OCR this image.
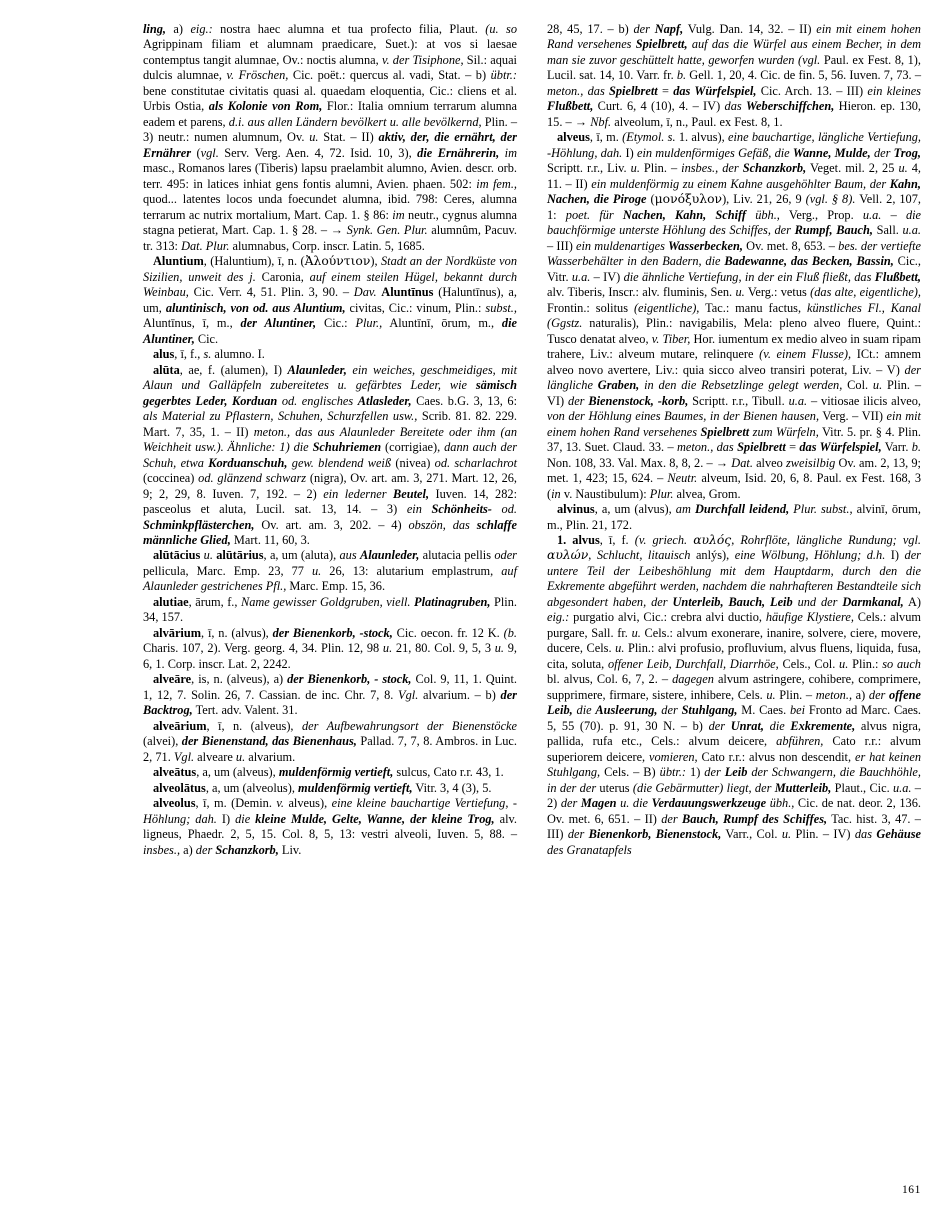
ling, a) eig.: nostra haec alumna et tua profecto filia, Plaut. (u. so Agrippinam filiam et alumnam praedicare, Suet.): at vos si laesae contemptus tangit alumnae, Ov.: noctis alumna, v. der Tisiphone, Sil.: aquai dulcis alumnae, v. Fröschen, Cic. poët.: quercus al. vadi, Stat. – b) übtr.: bene constitutae civitatis quasi al. quaedam eloquentia, Cic.: cliens et al. Urbis Ostia, als Kolonie von Rom, Flor.: Italia omnium terrarum alumna eadem et parens, d.i. aus allen Ländern bevölkert u. alle bevölkernd, Plin. – 3) neutr.: numen alumnum, Ov. u. Stat. – II) aktiv, der, die ernährt, der Ernährer (vgl. Serv. Verg. Aen. 4, 72. Isid. 10, 3), die Ernährerin, im masc., Romanos lares (Tiberis) lapsu praelambit alumno, Avien. descr. orb. terr. 495: in latices inhiat gens fontis alumni, Avien. phaen. 502: im fem., quod... latentes locos unda foecundet alumna, ibid. 798: Ceres, alumna terrarum ac nutrix mortalium, Mart. Cap. 1. § 86: im neutr., cygnus alumna stagna petierat, Mart. Cap. 1. § 28. – → Synk. Gen. Plur. alumnûm, Pacuv. tr. 313: Dat. Plur. alumnabus, Corp. inscr. Latin. 5, 1685.

Aluntium, (Haluntium), ī, n. (Ἀλούντιον), Stadt an der Nordküste von Sizilien, unweit des j. Caronia, auf einem steilen Hügel, bekannt durch Weinbau, Cic. Verr. 4, 51. Plin. 3, 90. – Dav. Aluntīnus (Haluntīnus), a, um, aluntinisch, von od. aus Aluntium, civitas, Cic.: vinum, Plin.: subst., Aluntīnus, ī, m., der Aluntiner, Cic.: Plur., Aluntīnī, ōrum, m., die Aluntiner, Cic.

alus, ī, f., s. alumno. I.

alūta, ae, f. (alumen), I) Alaunleder, ein weiches, geschmeidiges, mit Alaun und Galläpfeln zubereitetes u. gefärbtes Leder, wie sämisch gegerbtes Leder, Korduan od. englisches Atlasleder, Caes. b.G. 3, 13, 6: als Material zu Pflastern, Schuhen, Schurzfellen usw., Scrib. 81. 82. 229. Mart. 7, 35, 1. – II) meton., das aus Alaunleder Bereitete oder ihm (an Weichheit usw.). Ähnliche: 1) die Schuhriemen (corrigiae), dann auch der Schuh, etwa Korduanschuh, gew. blendend weiß (nivea) od. scharlachrot (coccinea) od. glänzend schwarz (nigra), Ov. art. am. 3, 271. Mart. 12, 26, 9; 2, 29, 8. Iuven. 7, 192. – 2) ein lederner Beutel, Iuven. 14, 282: pasceolus et aluta, Lucil. sat. 13, 14. – 3) ein Schönheits- od. Schminkpflästerchen, Ov. art. am. 3, 202. – 4) obszön, das schlaffe männliche Glied, Mart. 11, 60, 3.

alūtācius u. alūtārius, a, um (aluta), aus Alaunleder, alutacia pellis oder pellicula, Marc. Emp. 23, 77 u. 26, 13: alutarium emplastrum, auf Alaunleder gestrichenes Pfl., Marc. Emp. 15, 36.

alutiae, ārum, f., Name gewisser Goldgruben, viell. Platinagruben, Plin. 34, 157.

alvārium, ī, n. (alvus), der Bienenkorb, -stock, Cic. oecon. fr. 12 K. (b. Charis. 107, 2). Verg. georg. 4, 34. Plin. 12, 98 u. 21, 80. Col. 9, 5, 3 u. 9, 6, 1. Corp. inscr. Lat. 2, 2242.

alveāre, is, n. (alveus), a) der Bienenkorb, - stock, Col. 9, 11, 1. Quint. 1, 12, 7. Solin. 26, 7. Cassian. de inc. Chr. 7, 8. Vgl. alvarium. – b) der Backtrog, Tert. adv. Valent. 31.

alveārium, ī, n. (alveus), der Aufbewahrungsort der Bienenstöcke (alvei), der Bienenstand, das Bienenhaus, Pallad. 7, 7, 8. Ambros. in Luc. 2, 71. Vgl. alveare u. alvarium.

alveātus, a, um (alveus), muldenförmig vertieft, sulcus, Cato r.r. 43, 1.

alveolātus, a, um (alveolus), muldenförmig vertieft, Vitr. 3, 4 (3), 5.

alveolus, ī, m. (Demin. v. alveus), eine kleine bauchartige Vertiefung, -Höhlung; dah. I) die kleine Mulde, Gelte, Wanne, der kleine Trog, alv. ligneus, Phaedr. 2, 5, 15. Col. 8, 5, 13: vestri alveoli, Iuven. 5, 88. – insbes., a) der Schanzkorb, Liv.

28, 45, 17. – b) der Napf, Vulg. Dan. 14, 32. – II) ein mit einem hohen Rand versehenes Spielbrett, auf das die Würfel aus einem Becher, in dem man sie zuvor geschüttelt hatte, geworfen wurden (vgl. Paul. ex Fest. 8, 1), Lucil. sat. 14, 10. Varr. fr. b. Gell. 1, 20, 4. Cic. de fin. 5, 56. Iuven. 7, 73. – meton., das Spielbrett = das Würfelspiel, Cic. Arch. 13. – III) ein kleines Flußbett, Curt. 6, 4 (10), 4. – IV) das Weberschiffchen, Hieron. ep. 130, 15. – → Nbf. alveolum, ī, n., Paul. ex Fest. 8, 1.

alveus, ī, m. (Etymol. s. 1. alvus), eine bauchartige, längliche Vertiefung, -Höhlung, dah. I) ein muldenförmiges Gefäß, die Wanne, Mulde, der Trog, Scriptt. r.r., Liv. u. Plin. – insbes., der Schanzkorb, Veget. mil. 2, 25 u. 4, 11. – II) ein muldenförmig zu einem Kahne ausgehöhlter Baum, der Kahn, Nachen, die Piroge (μονόξυλον), Liv. 21, 26, 9 (vgl. § 8). Vell. 2, 107, 1: poet. für Nachen, Kahn, Schiff übh., Verg., Prop. u.a. – die bauchförmige unterste Höhlung des Schiffes, der Rumpf, Bauch, Sall. u.a. – III) ein muldenartiges Wasserbecken, Ov. met. 8, 653. – bes. der vertiefte Wasserbehälter in den Badern, die Badewanne, das Becken, Bassin, Cic., Vitr. u.a. – IV) die ähnliche Vertiefung, in der ein Fluß fließt, das Flußbett, alv. Tiberis, Inscr.: alv. fluminis, Sen. u. Verg.: vetus (das alte, eigentliche), Frontin.: solitus (eigentliche), Tac.: manu factus, künstliches Fl., Kanal (Ggstz. naturalis), Plin.: navigabilis, Mela: pleno alveo fluere, Quint.: Tusco denatat alveo, v. Tiber, Hor. iumentum ex medio alveo in suam ripam trahere, Liv.: alveum mutare, relinquere (v. einem Flusse), ICt.: amnem alveo novo avertere, Liv.: quia sicco alveo transiri poterat, Liv. – V) der längliche Graben, in den die Rebsetzlinge gelegt werden, Col. u. Plin. – VI) der Bienenstock, -korb, Scriptt. r.r., Tibull. u.a. – vitiosae ilicis alveo, von der Höhlung eines Baumes, in der Bienen hausen, Verg. – VII) ein mit einem hohen Rand versehenes Spielbrett zum Würfeln, Vitr. 5. pr. § 4. Plin. 37, 13. Suet. Claud. 33. – meton., das Spielbrett = das Würfelspiel, Varr. b. Non. 108, 33. Val. Max. 8, 8, 2. – → Dat. alveo zweisilbig Ov. am. 2, 13, 9; met. 1, 423; 15, 624. – Neutr. alveum, Isid. 20, 6, 8. Paul. ex Fest. 168, 3 (in v. Naustibulum): Plur. alvea, Grom.

alvinus, a, um (alvus), am Durchfall leidend, Plur. subst., alvinī, ōrum, m., Plin. 21, 172.

1. alvus, ī, f. (v. griech. αυλός, Rohrflöte, längliche Rundung; vgl. αυλών, Schlucht, litauisch anlýs), eine Wölbung, Höhlung; d.h. I) der untere Teil der Leibeshöhlung mit dem Hauptdarm, durch den die Exkremente abgeführt werden, nachdem die nahrhafteren Bestandteile sich abgesondert haben, der Unterleib, Bauch, Leib und der Darmkanal, A) eig.: purgatio alvi, Cic.: crebra alvi ductio, häufige Klystiere, Cels.: alvum purgare, Sall. fr. u. Cels.: alvum exonerare, inanire, solvere, ciere, movere, ducere, Cels. u. Plin.: alvi profusio, profluvium, alvus fluens, liquida, fusa, cita, soluta, offener Leib, Durchfall, Diarrhöe, Cels., Col. u. Plin.: so auch bl. alvus, Col. 6, 7, 2. – dagegen alvum astringere, cohibere, comprimere, supprimere, firmare, sistere, inhibere, Cels. u. Plin. – meton., a) der offene Leib, die Ausleerung, der Stuhlgang, M. Caes. bei Fronto ad Marc. Caes. 5, 55 (70). p. 91, 30 N. – b) der Unrat, die Exkremente, alvus nigra, pallida, rufa etc., Cels.: alvum deicere, abführen, Cato r.r.: alvum superiorem deicere, vomieren, Cato r.r.: alvus non descendit, er hat keinen Stuhlgang, Cels. – B) übtr.: 1) der Leib der Schwangern, die Bauchhöhle, in der der uterus (die Gebärmutter) liegt, der Mutterleib, Plaut., Cic. u.a. – 2) der Magen u. die Verdauungswerkzeuge übh., Cic. de nat. deor. 2, 136. Ov. met. 6, 651. – II) der Bauch, Rumpf des Schiffes, Tac. hist. 3, 47. – III) der Bienenkorb, Bienenstock, Varr., Col. u. Plin. – IV) das Gehäuse des Granatapfels

161
